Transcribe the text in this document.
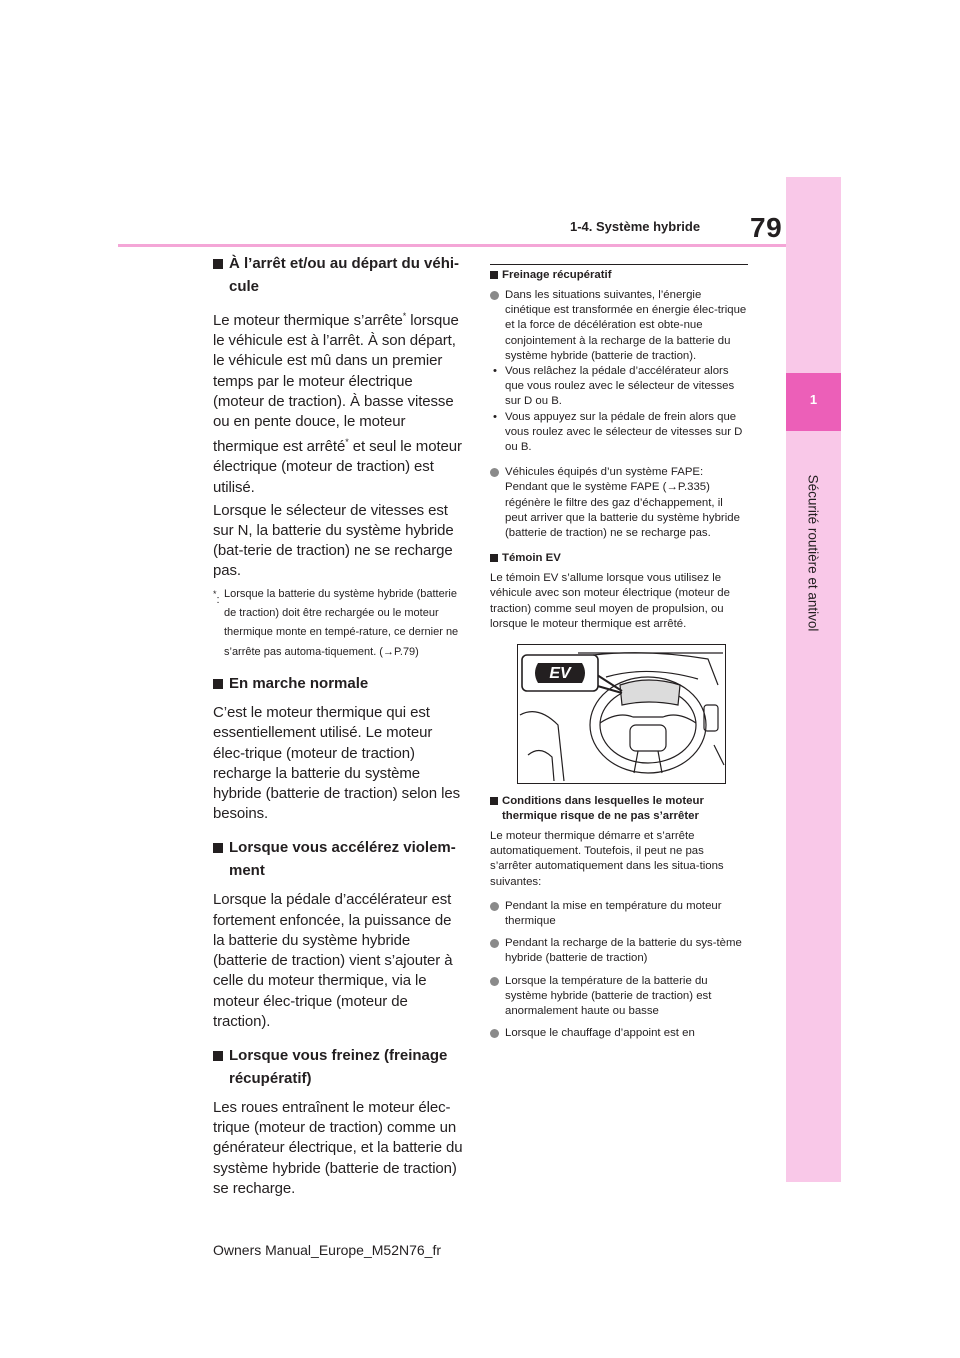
1-4. Système hybride 79
1
Sécurité routière et antivol
À l’arrêt et/ou au départ du véhi-cule

Le moteur thermique s’arrête* lorsque le véhicule est à l’arrêt. À son départ, le véhicule est mû dans un premier temps par le moteur électrique (moteur de traction). À basse vitesse ou en pente douce, le moteur thermique est arrêté* et seul le moteur électrique (moteur de traction) est utilisé.

Lorsque le sélecteur de vitesses est sur N, la batterie du système hybride (bat-terie de traction) ne se recharge pas.

*: Lorsque la batterie du système hybride (batterie de traction) doit être rechargée ou le moteur thermique monte en tempé-rature, ce dernier ne s’arrête pas automa-tiquement. (→P.79)
En marche normale

C’est le moteur thermique qui est essentiellement utilisé. Le moteur élec-trique (moteur de traction) recharge la batterie du système hybride (batterie de traction) selon les besoins.

Lorsque vous accélérez violem-ment

Lorsque la pédale d’accélérateur est fortement enfoncée, la puissance de la batterie du système hybride (batterie de traction) vient s’ajouter à celle du moteur thermique, via le moteur élec-trique (moteur de traction).

Lorsque vous freinez (freinage récupératif)

Les roues entraînent le moteur élec-trique (moteur de traction) comme un générateur électrique, et la batterie du système hybride (batterie de traction) se recharge.

Freinage récupératif
Dans les situations suivantes, l’énergie cinétique est transformée en énergie élec-trique et la force de décélération est obte-nue conjointement à la recharge de la batterie du système hybride (batterie de traction).
• Vous relâchez la pédale d’accélérateur alors que vous roulez avec le sélecteur de vitesses sur D ou B.
• Vous appuyez sur la pédale de frein alors que vous roulez avec le sélecteur de vitesses sur D ou B.
Véhicules équipés d’un système FAPE: Pendant que le système FAPE (→P.335) régénère le filtre des gaz d’échappement, il peut arriver que la batterie du système hybride (batterie de traction) ne se recharge pas.
Témoin EV

Le témoin EV s’allume lorsque vous utilisez le véhicule avec son moteur électrique (moteur de traction) comme seul moyen de propulsion, ou lorsque le moteur thermique est arrêté.

EV
Conditions dans lesquelles le moteur thermique risque de ne pas s’arrêter

Le moteur thermique démarre et s’arrête automatiquement. Toutefois, il peut ne pas s’arrêter automatiquement dans les situa-tions suivantes:

Pendant la mise en température du moteur thermique
Pendant la recharge de la batterie du sys-tème hybride (batterie de traction)
Lorsque la température de la batterie du système hybride (batterie de traction) est anormalement haute ou basse
Lorsque le chauffage d’appoint est en
Owners Manual_Europe_M52N76_fr
